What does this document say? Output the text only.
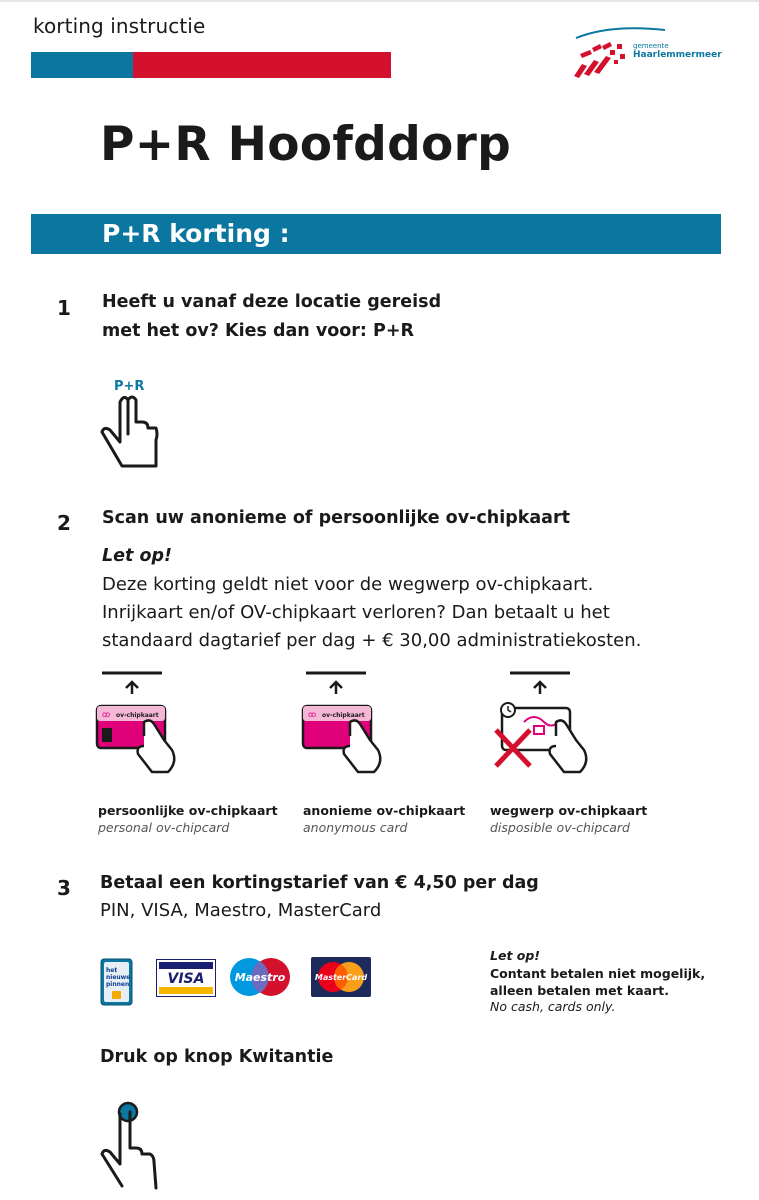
korting instructie
gemeente
Haarlemmermeer
P+R Hoofddorp
P+R korting :
1 Heeft u vanaf deze locatie gereisd
met het ov? Kies dan voor: P+R
P+R
2 Scan uw anonieme of persoonlijke ov-chipkaart
Let op!
Deze korting geldt niet voor de wegwerp ov-chipkaart.
Inrijkaart en/of OV-chipkaart verloren? Dan betaalt u het
standaard dagtarief per dag + € 30,00 administratiekosten.
ov-chipkaart
ꝏ
persoonlijke ov-chipkaart
personal ov-chipcard
ov-chipkaart
ꝏ
anonieme ov-chipkaart
anonymous card
wegwerp ov-chipkaart
disposible ov-chipcard
3 Betaal een kortingstarief van € 4,50 per dag
PIN, VISA, Maestro, MasterCard
het
nieuwe
pinnen	VISA	Maestro	MasterCard
Let op!
Contant betalen niet mogelijk,
alleen betalen met kaart.
No cash, cards only.
Druk op knop Kwitantie
